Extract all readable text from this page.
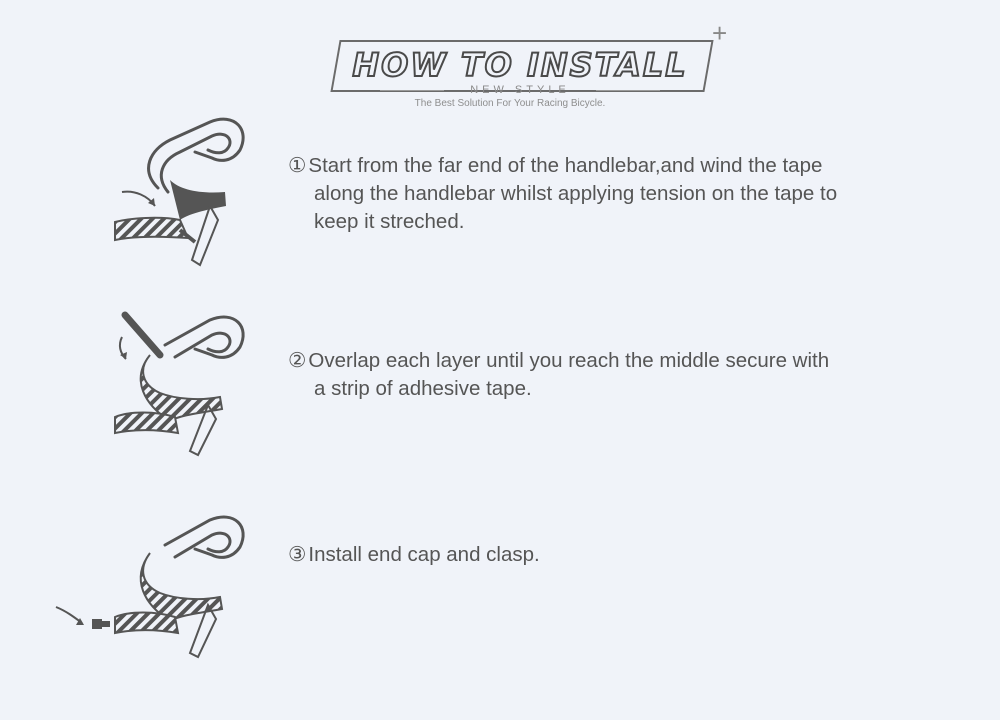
HOW TO INSTALL
+
NEW STYLE
The Best Solution For Your Racing Bicycle.
①Start from the far end of the handlebar,and wind the tape
along the handlebar whilst applying tension on the tape to
keep it streched.
②Overlap each layer until you reach the middle secure with
a strip of adhesive tape.
③Install end cap and clasp.
